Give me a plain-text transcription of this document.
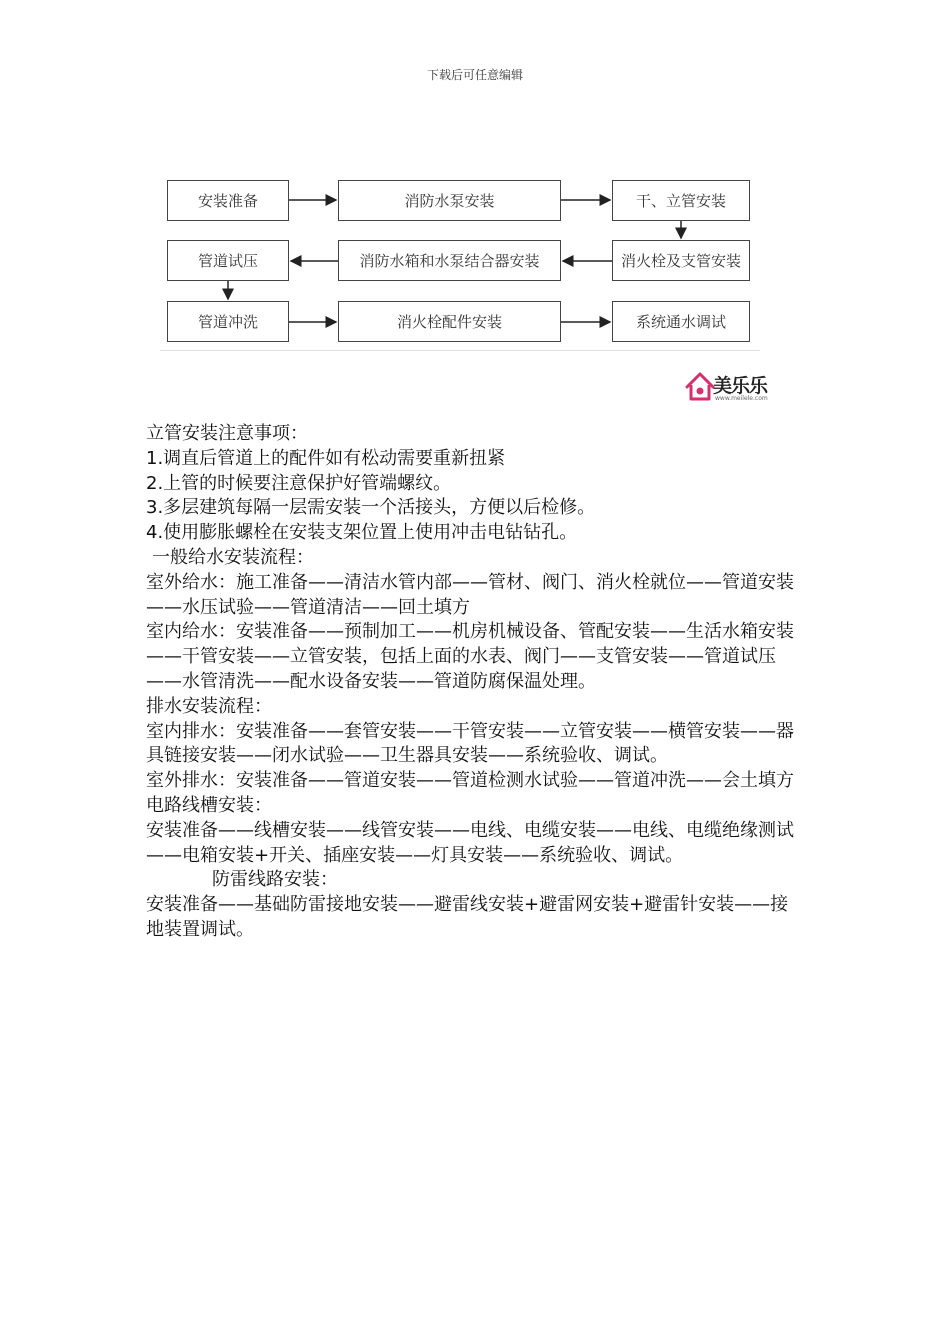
下载后可任意编辑
安装准备	消防水泵安装	干、立管安装
管道试压	消防水箱和水泵结合器安装	消火栓及支管安装
管道冲洗	消火栓配件安装	系统通水调试
美乐乐
www.meilele.com

立管安装注意事项：

1.调直后管道上的配件如有松动需要重新扭紧

2.上管的时候要注意保护好管端螺纹。

3.多层建筑每隔一层需安装一个活接头，方便以后检修。

4.使用膨胀螺栓在安装支架位置上使用冲击电钻钻孔。

一般给水安装流程：

室外给水：施工准备——清洁水管内部——管材、阀门、消火栓就位——管道安装——水压试验——管道清洁——回土填方

室内给水：安装准备——预制加工——机房机械设备、管配安装——生活水箱安装——干管安装——立管安装，包括上面的水表、阀门——支管安装——管道试压——水管清洗——配水设备安装——管道防腐保温处理。

排水安装流程：

室内排水：安装准备——套管安装——干管安装——立管安装——横管安装——器具链接安装——闭水试验——卫生器具安装——系统验收、调试。

室外排水：安装准备——管道安装——管道检测水试验——管道冲洗——会土填方

电路线槽安装：

安装准备——线槽安装——线管安装——电线、电缆安装——电线、电缆绝缘测试——电箱安装+开关、插座安装——灯具安装——系统验收、调试。

防雷线路安装：

安装准备——基础防雷接地安装——避雷线安装+避雷网安装+避雷针安装——接地装置调试。
